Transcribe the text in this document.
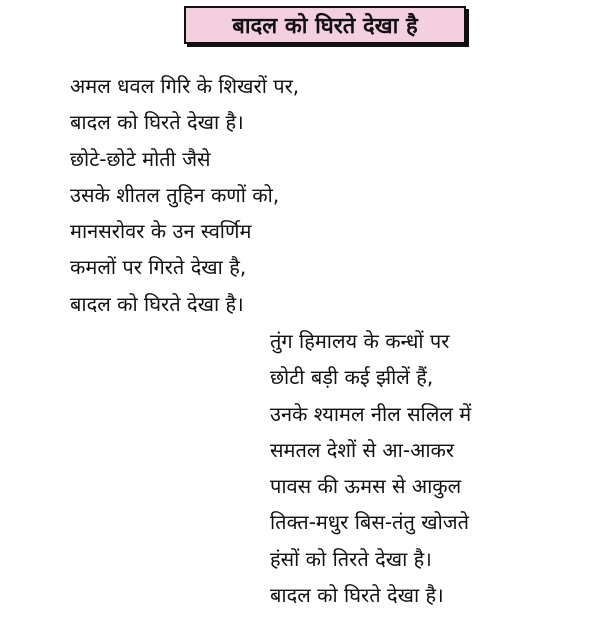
बादल को घिरते देखा है
अमल धवल गिरि के शिखरों पर,
बादल को घिरते देखा है।
छोटे-छोटे मोती जैसे
उसके शीतल तुहिन कणों को,
मानसरोवर के उन स्वर्णिम
कमलों पर गिरते देखा है,
बादल को घिरते देखा है।
तुंग हिमालय के कन्धों पर
छोटी बड़ी कई झीलें हैं,
उनके श्यामल नील सलिल में
समतल देशों से आ-आकर
पावस की ऊमस से आकुल
तिक्त-मधुर बिस-तंतु खोजते
हंसों को तिरते देखा है।
बादल को घिरते देखा है।
